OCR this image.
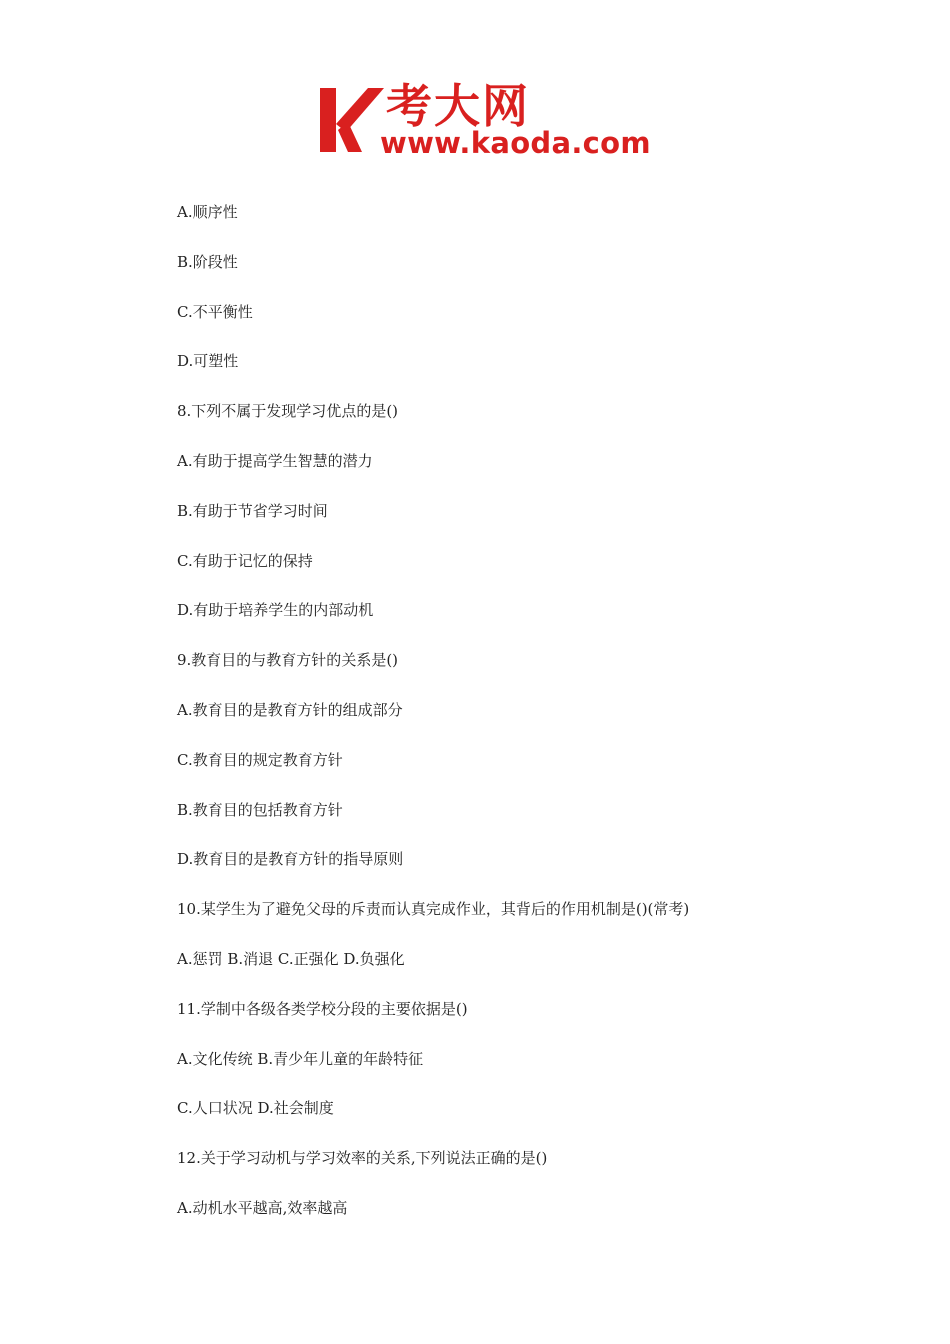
考大网
www.kaoda.com
A.顺序性
B.阶段性
C.不平衡性
D.可塑性
8.下列不属于发现学习优点的是()
A.有助于提高学生智慧的潜力
B.有助于节省学习时间
C.有助于记忆的保持
D.有助于培养学生的内部动机
9.教育目的与教育方针的关系是()
A.教育目的是教育方针的组成部分
C.教育目的规定教育方针
B.教育目的包括教育方针
D.教育目的是教育方针的指导原则
10.某学生为了避免父母的斥责而认真完成作业，其背后的作用机制是()(常考)
A.惩罚 B.消退 C.正强化 D.负强化
11.学制中各级各类学校分段的主要依据是()
A.文化传统 B.青少年儿童的年龄特征
C.人口状况 D.社会制度
12.关于学习动机与学习效率的关系,下列说法正确的是()
A.动机水平越高,效率越高
